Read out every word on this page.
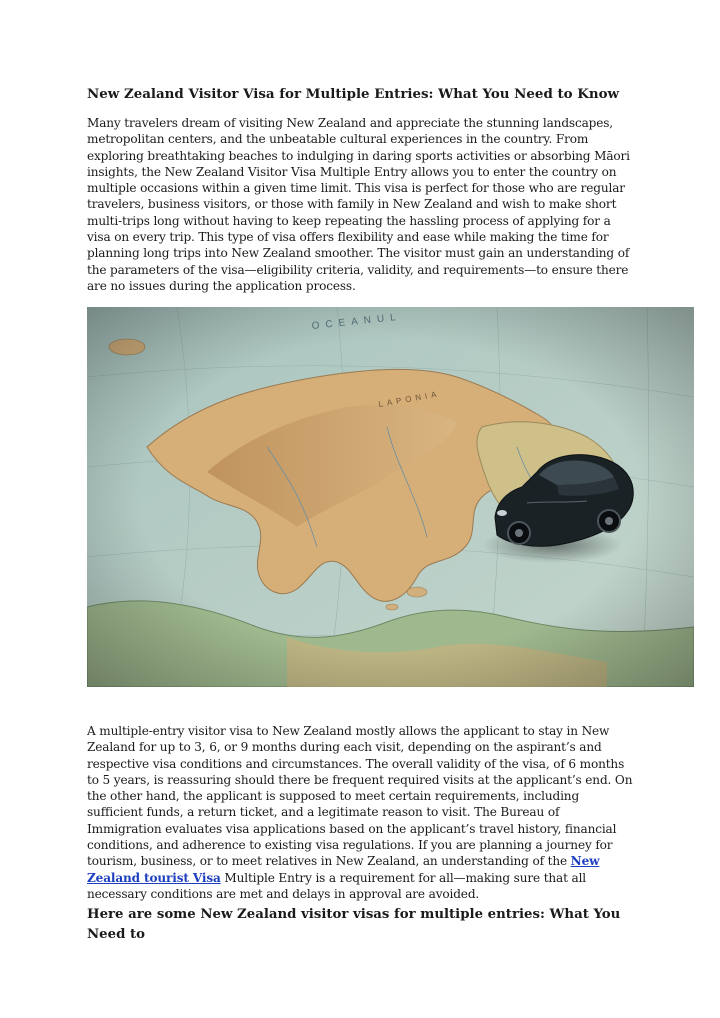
New Zealand Visitor Visa for Multiple Entries: What You Need to Know

Many travelers dream of visiting New Zealand and appreciate the stunning landscapes, metropolitan centers, and the unbeatable cultural experiences in the country. From exploring breathtaking beaches to indulging in daring sports activities or absorbing Māori insights, the New Zealand Visitor Visa Multiple Entry allows you to enter the country on multiple occasions within a given time limit. This visa is perfect for those who are regular travelers, business visitors, or those with family in New Zealand and wish to make short multi-trips long without having to keep repeating the hassling process of applying for a visa on every trip. This type of visa offers flexibility and ease while making the time for planning long trips into New Zealand smoother. The visitor must gain an understanding of the parameters of the visa—eligibility criteria, validity, and requirements—to ensure there are no issues during the application process.

A multiple-entry visitor visa to New Zealand mostly allows the applicant to stay in New Zealand for up to 3, 6, or 9 months during each visit, depending on the aspirant’s and respective visa conditions and circumstances. The overall validity of the visa, of 6 months to 5 years, is reassuring should there be frequent required visits at the applicant’s end. On the other hand, the applicant is supposed to meet certain requirements, including sufficient funds, a return ticket, and a legitimate reason to visit. The Bureau of Immigration evaluates visa applications based on the applicant’s travel history, financial conditions, and adherence to existing visa regulations. If you are planning a journey for tourism, business, or to meet relatives in New Zealand, an understanding of the New Zealand tourist Visa Multiple Entry is a requirement for all—making sure that all necessary conditions are met and delays in approval are avoided.

Here are some New Zealand visitor visas for multiple entries: What You Need to
